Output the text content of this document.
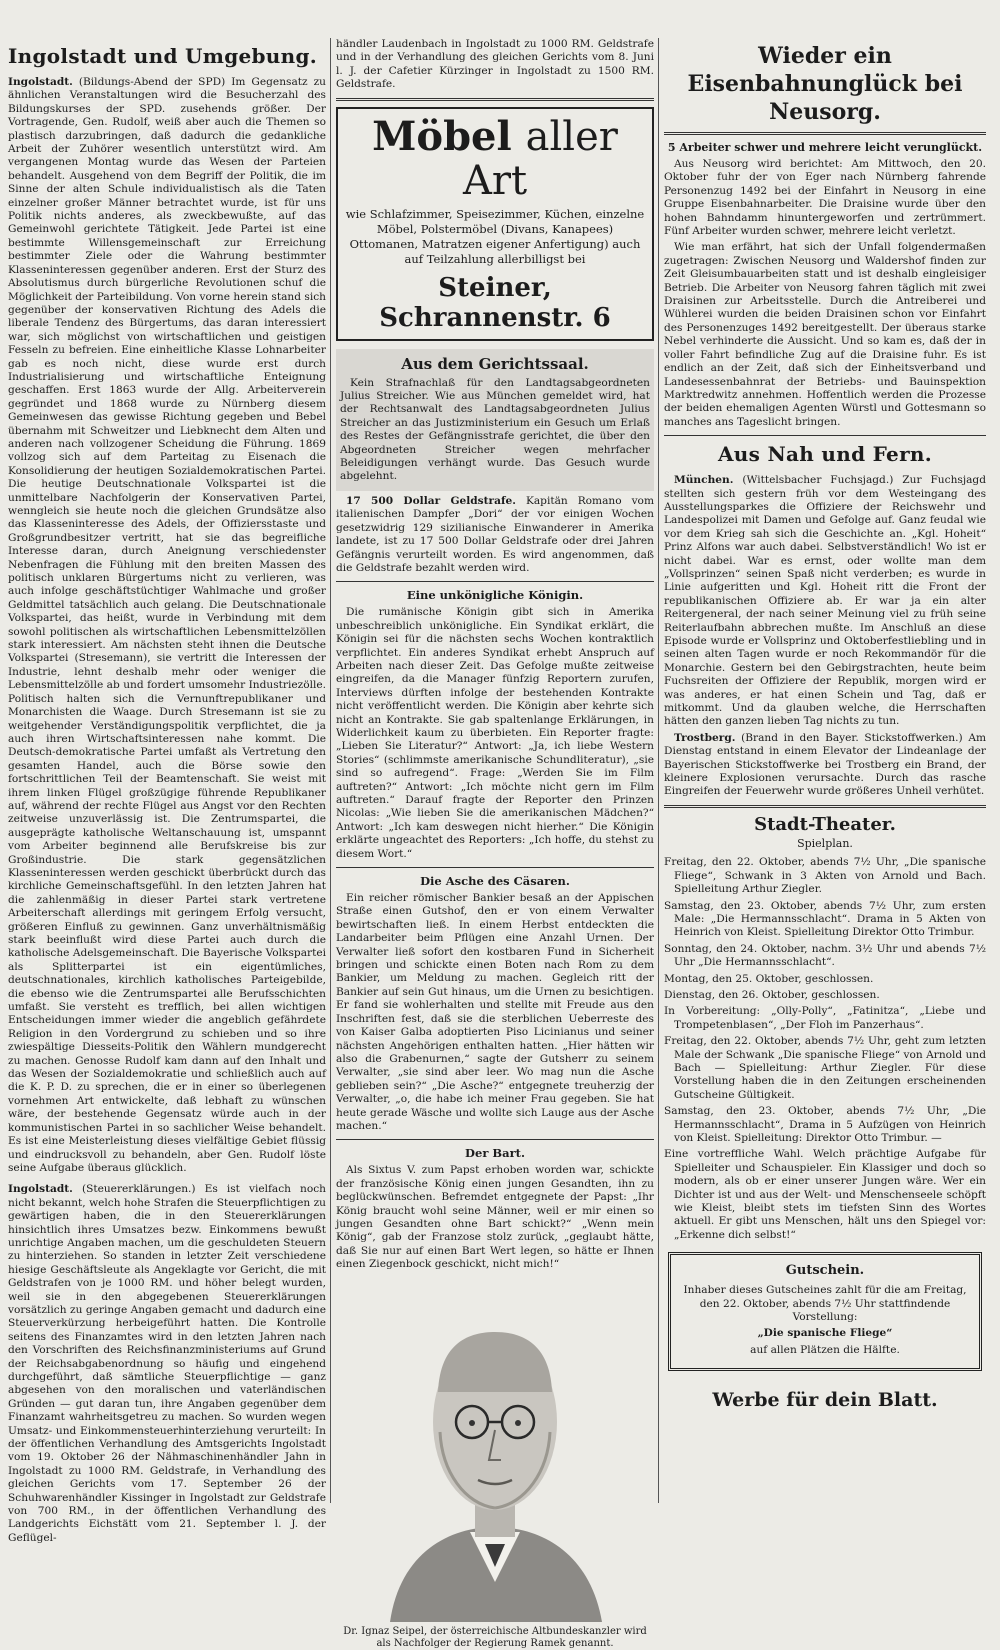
Ingolstadt und Umgebung.

Ingolstadt. (Bildungs-Abend der SPD) Im Gegensatz zu ähnlichen Veranstaltungen wird die Besucherzahl des Bildungskurses der SPD. zusehends größer. Der Vortragende, Gen. Rudolf, weiß aber auch die Themen so plastisch darzubringen, daß dadurch die gedankliche Arbeit der Zuhörer wesentlich unterstützt wird. Am vergangenen Montag wurde das Wesen der Parteien behandelt. Ausgehend von dem Begriff der Politik, die im Sinne der alten Schule individualistisch als die Taten einzelner großer Männer betrachtet wurde, ist für uns Politik nichts anderes, als zweckbewußte, auf das Gemeinwohl gerichtete Tätigkeit. Jede Partei ist eine bestimmte Willensgemeinschaft zur Erreichung bestimmter Ziele oder die Wahrung bestimmter Klasseninteressen gegenüber anderen. Erst der Sturz des Absolutismus durch bürgerliche Revolutionen schuf die Möglichkeit der Parteibildung. Von vorne herein stand sich gegenüber der konservativen Richtung des Adels die liberale Tendenz des Bürgertums, das daran interessiert war, sich möglichst von wirtschaftlichen und geistigen Fesseln zu befreien. Eine einheitliche Klasse Lohnarbeiter gab es noch nicht, diese wurde erst durch Industrialisierung und wirtschaftliche Enteignung geschaffen. Erst 1863 wurde der Allg. Arbeiterverein gegründet und 1868 wurde zu Nürnberg diesem Gemeinwesen das gewisse Richtung gegeben und Bebel übernahm mit Schweitzer und Liebknecht dem Alten und anderen nach vollzogener Scheidung die Führung. 1869 vollzog sich auf dem Parteitag zu Eisenach die Konsolidierung der heutigen Sozialdemokratischen Partei. Die heutige Deutschnationale Volkspartei ist die unmittelbare Nachfolgerin der Konservativen Partei, wenngleich sie heute noch die gleichen Grundsätze also das Klasseninteresse des Adels, der Offiziersstaste und Großgrundbesitzer vertritt, hat sie das begreifliche Interesse daran, durch Aneignung verschiedenster Nebenfragen die Fühlung mit den breiten Massen des politisch unklaren Bürgertums nicht zu verlieren, was auch infolge geschäftstüchtiger Wahlmache und großer Geldmittel tatsächlich auch gelang. Die Deutschnationale Volkspartei, das heißt, wurde in Verbindung mit dem sowohl politischen als wirtschaftlichen Lebensmittelzöllen stark interessiert. Am nächsten steht ihnen die Deutsche Volkspartei (Stresemann), sie vertritt die Interessen der Industrie, lehnt deshalb mehr oder weniger die Lebensmittelzölle ab und fordert umsomehr Industriezölle. Politisch halten sich die Vernunftrepublikaner und Monarchisten die Waage. Durch Stresemann ist sie zu weitgehender Verständigungspolitik verpflichtet, die ja auch ihren Wirtschaftsinteressen nahe kommt. Die Deutsch-demokratische Partei umfaßt als Vertretung den gesamten Handel, auch die Börse sowie den fortschrittlichen Teil der Beamtenschaft. Sie weist mit ihrem linken Flügel großzügige führende Republikaner auf, während der rechte Flügel aus Angst vor den Rechten zeitweise unzuverlässig ist. Die Zentrumspartei, die ausgeprägte katholische Weltanschauung ist, umspannt vom Arbeiter beginnend alle Berufskreise bis zur Großindustrie. Die stark gegensätzlichen Klasseninteressen werden geschickt überbrückt durch das kirchliche Gemeinschaftsgefühl. In den letzten Jahren hat die zahlenmäßig in dieser Partei stark vertretene Arbeiterschaft allerdings mit geringem Erfolg versucht, größeren Einfluß zu gewinnen. Ganz unverhältnismäßig stark beeinflußt wird diese Partei auch durch die katholische Adelsgemeinschaft. Die Bayerische Volkspartei als Splitterpartei ist ein eigentümliches, deutschnationales, kirchlich katholisches Parteigebilde, die ebenso wie die Zentrumspartei alle Berufsschichten umfaßt. Sie versteht es trefflich, bei allen wichtigen Entscheidungen immer wieder die angeblich gefährdete Religion in den Vordergrund zu schieben und so ihre zwiespältige Diesseits-Politik den Wählern mundgerecht zu machen. Genosse Rudolf kam dann auf den Inhalt und das Wesen der Sozialdemokratie und schließlich auch auf die K. P. D. zu sprechen, die er in einer so überlegenen vornehmen Art entwickelte, daß lebhaft zu wünschen wäre, der bestehende Gegensatz würde auch in der kommunistischen Partei in so sachlicher Weise behandelt. Es ist eine Meisterleistung dieses vielfältige Gebiet flüssig und eindrucksvoll zu behandeln, aber Gen. Rudolf löste seine Aufgabe überaus glücklich.

Ingolstadt. (Steuererklärungen.) Es ist vielfach noch nicht bekannt, welch hohe Strafen die Steuerpflichtigen zu gewärtigen haben, die in den Steuererklärungen hinsichtlich ihres Umsatzes bezw. Einkommens bewußt unrichtige Angaben machen, um die geschuldeten Steuern zu hinterziehen. So standen in letzter Zeit verschiedene hiesige Geschäftsleute als Angeklagte vor Gericht, die mit Geldstrafen von je 1000 RM. und höher belegt wurden, weil sie in den abgegebenen Steuererklärungen vorsätzlich zu geringe Angaben gemacht und dadurch eine Steuerverkürzung herbeigeführt hatten. Die Kontrolle seitens des Finanzamtes wird in den letzten Jahren nach den Vorschriften des Reichsfinanzministeriums auf Grund der Reichsabgabenordnung so häufig und eingehend durchgeführt, daß sämtliche Steuerpflichtige — ganz abgesehen von den moralischen und vaterländischen Gründen — gut daran tun, ihre Angaben gegenüber dem Finanzamt wahrheitsgetreu zu machen. So wurden wegen Umsatz- und Einkommensteuerhinterziehung verurteilt: In der öffentlichen Verhandlung des Amtsgerichts Ingolstadt vom 19. Oktober 26 der Nähmaschinenhändler Jahn in Ingolstadt zu 1000 RM. Geldstrafe, in Verhandlung des gleichen Gerichts vom 17. September 26 der Schuhwarenhändler Kissinger in Ingolstadt zur Geldstrafe von 700 RM., in der öffentlichen Verhandlung des Landgerichts Eichstätt vom 21. September l. J. der Geflügel-

händler Laudenbach in Ingolstadt zu 1000 RM. Geldstrafe und in der Verhandlung des gleichen Gerichts vom 8. Juni l. J. der Cafetier Kürzinger in Ingolstadt zu 1500 RM. Geldstrafe.

Möbel aller Art

wie Schlafzimmer, Speisezimmer, Küchen, einzelne Möbel, Polstermöbel (Divans, Kanapees) Ottomanen, Matratzen eigener Anfertigung) auch auf Teilzahlung allerbilligst bei

Steiner, Schrannenstr. 6
Aus dem Gerichtssaal.

Kein Strafnachlaß für den Landtagsabgeordneten Julius Streicher. Wie aus München gemeldet wird, hat der Rechtsanwalt des Landtagsabgeordneten Julius Streicher an das Justizministerium ein Gesuch um Erlaß des Restes der Gefängnisstrafe gerichtet, die über den Abgeordneten Streicher wegen mehrfacher Beleidigungen verhängt wurde. Das Gesuch wurde abgelehnt.

17 500 Dollar Geldstrafe. Kapitän Romano vom italienischen Dampfer „Dori“ der vor einigen Wochen gesetzwidrig 129 sizilianische Einwanderer in Amerika landete, ist zu 17 500 Dollar Geldstrafe oder drei Jahren Gefängnis verurteilt worden. Es wird angenommen, daß die Geldstrafe bezahlt werden wird.

Eine unkönigliche Königin.

Die rumänische Königin gibt sich in Amerika unbeschreiblich unkönigliche. Ein Syndikat erklärt, die Königin sei für die nächsten sechs Wochen kontraktlich verpflichtet. Ein anderes Syndikat erhebt Anspruch auf Arbeiten nach dieser Zeit. Das Gefolge mußte zeitweise eingreifen, da die Manager fünfzig Reportern zurufen, Interviews dürften infolge der bestehenden Kontrakte nicht veröffentlicht werden. Die Königin aber kehrte sich nicht an Kontrakte. Sie gab spaltenlange Erklärungen, in Widerlichkeit kaum zu überbieten. Ein Reporter fragte: „Lieben Sie Literatur?“ Antwort: „Ja, ich liebe Western Stories“ (schlimmste amerikanische Schundliteratur), „sie sind so aufregend“. Frage: „Werden Sie im Film auftreten?“ Antwort: „Ich möchte nicht gern im Film auftreten.“ Darauf fragte der Reporter den Prinzen Nicolas: „Wie lieben Sie die amerikanischen Mädchen?“ Antwort: „Ich kam deswegen nicht hierher.“ Die Königin erklärte ungeachtet des Reporters: „Ich hoffe, du stehst zu diesem Wort.“

Die Asche des Cäsaren.

Ein reicher römischer Bankier besaß an der Appischen Straße einen Gutshof, den er von einem Verwalter bewirtschaften ließ. In einem Herbst entdeckten die Landarbeiter beim Pflügen eine Anzahl Urnen. Der Verwalter ließ sofort den kostbaren Fund in Sicherheit bringen und schickte einen Boten nach Rom zu dem Bankier, um Meldung zu machen. Gegleich ritt der Bankier auf sein Gut hinaus, um die Urnen zu besichtigen. Er fand sie wohlerhalten und stellte mit Freude aus den Inschriften fest, daß sie die sterblichen Ueberreste des von Kaiser Galba adoptierten Piso Licinianus und seiner nächsten Angehörigen enthalten hatten. „Hier hätten wir also die Grabenurnen,“ sagte der Gutsherr zu seinem Verwalter, „sie sind aber leer. Wo mag nun die Asche geblieben sein?“ „Die Asche?“ entgegnete treuherzig der Verwalter, „o, die habe ich meiner Frau gegeben. Sie hat heute gerade Wäsche und wollte sich Lauge aus der Asche machen.“

Der Bart.

Als Sixtus V. zum Papst erhoben worden war, schickte der französische König einen jungen Gesandten, ihn zu beglückwünschen. Befremdet entgegnete der Papst: „Ihr König braucht wohl seine Männer, weil er mir einen so jungen Gesandten ohne Bart schickt?“ „Wenn mein König“, gab der Franzose stolz zurück, „geglaubt hätte, daß Sie nur auf einen Bart Wert legen, so hätte er Ihnen einen Ziegenbock geschickt, nicht mich!“

Dr. Ignaz Seipel, der österreichische Altbundeskanzler wird als Nachfolger der Regierung Ramek genannt.

Wieder ein Eisenbahnunglück bei Neusorg.
5 Arbeiter schwer und mehrere leicht verunglückt.

Aus Neusorg wird berichtet: Am Mittwoch, den 20. Oktober fuhr der von Eger nach Nürnberg fahrende Personenzug 1492 bei der Einfahrt in Neusorg in eine Gruppe Eisenbahnarbeiter. Die Draisine wurde über den hohen Bahndamm hinuntergeworfen und zertrümmert. Fünf Arbeiter wurden schwer, mehrere leicht verletzt.

Wie man erfährt, hat sich der Unfall folgendermaßen zugetragen: Zwischen Neusorg und Waldershof finden zur Zeit Gleisumbauarbeiten statt und ist deshalb eingleisiger Betrieb. Die Arbeiter von Neusorg fahren täglich mit zwei Draisinen zur Arbeitsstelle. Durch die Antreiberei und Wühlerei wurden die beiden Draisinen schon vor Einfahrt des Personenzuges 1492 bereitgestellt. Der überaus starke Nebel verhinderte die Aussicht. Und so kam es, daß der in voller Fahrt befindliche Zug auf die Draisine fuhr. Es ist endlich an der Zeit, daß sich der Einheitsverband und Landesessenbahnrat der Betriebs- und Bauinspektion Marktredwitz annehmen. Hoffentlich werden die Prozesse der beiden ehemaligen Agenten Würstl und Gottesmann so manches ans Tageslicht bringen.

Aus Nah und Fern.

München. (Wittelsbacher Fuchsjagd.) Zur Fuchsjagd stellten sich gestern früh vor dem Westeingang des Ausstellungsparkes die Offiziere der Reichswehr und Landespolizei mit Damen und Gefolge auf. Ganz feudal wie vor dem Krieg sah sich die Geschichte an. „Kgl. Hoheit“ Prinz Alfons war auch dabei. Selbstverständlich! Wo ist er nicht dabei. War es ernst, oder wollte man dem „Vollsprinzen“ seinen Spaß nicht verderben; es wurde in Linie aufgeritten und Kgl. Hoheit ritt die Front der republikanischen Offiziere ab. Er war ja ein alter Reitergeneral, der nach seiner Meinung viel zu früh seine Reiterlaufbahn abbrechen mußte. Im Anschluß an diese Episode wurde er Vollsprinz und Oktoberfestliebling und in seinen alten Tagen wurde er noch Rekommandör für die Monarchie. Gestern bei den Gebirgstrachten, heute beim Fuchsreiten der Offiziere der Republik, morgen wird er was anderes, er hat einen Schein und Tag, daß er mitkommt. Und da glauben welche, die Herrschaften hätten den ganzen lieben Tag nichts zu tun.

Trostberg. (Brand in den Bayer. Stickstoffwerken.) Am Dienstag entstand in einem Elevator der Lindeanlage der Bayerischen Stickstoffwerke bei Trostberg ein Brand, der kleinere Explosionen verursachte. Durch das rasche Eingreifen der Feuerwehr wurde größeres Unheil verhütet.

Stadt-Theater.

Spielplan.

Freitag, den 22. Oktober, abends 7½ Uhr, „Die spanische Fliege“, Schwank in 3 Akten von Arnold und Bach. Spielleitung Arthur Ziegler.

Samstag, den 23. Oktober, abends 7½ Uhr, zum ersten Male: „Die Hermannsschlacht“. Drama in 5 Akten von Heinrich von Kleist. Spielleitung Direktor Otto Trimbur.

Sonntag, den 24. Oktober, nachm. 3½ Uhr und abends 7½ Uhr „Die Hermannsschlacht“.

Montag, den 25. Oktober, geschlossen.

Dienstag, den 26. Oktober, geschlossen.

In Vorbereitung: „Olly-Polly“, „Fatinitza“, „Liebe und Trompetenblasen“, „Der Floh im Panzerhaus“.

Freitag, den 22. Oktober, abends 7½ Uhr, geht zum letzten Male der Schwank „Die spanische Fliege“ von Arnold und Bach — Spielleitung: Arthur Ziegler. Für diese Vorstellung haben die in den Zeitungen erscheinenden Gutscheine Gültigkeit.

Samstag, den 23. Oktober, abends 7½ Uhr, „Die Hermannsschlacht“, Drama in 5 Aufzügen von Heinrich von Kleist. Spielleitung: Direktor Otto Trimbur. —

Eine vortreffliche Wahl. Welch prächtige Aufgabe für Spielleiter und Schauspieler. Ein Klassiger und doch so modern, als ob er einer unserer Jungen wäre. Wer ein Dichter ist und aus der Welt- und Menschenseele schöpft wie Kleist, bleibt stets im tiefsten Sinn des Wortes aktuell. Er gibt uns Menschen, hält uns den Spiegel vor: „Erkenne dich selbst!“

Gutschein.

Inhaber dieses Gutscheines zahlt für die am Freitag, den 22. Oktober, abends 7½ Uhr stattfindende Vorstellung:

„Die spanische Fliege“

auf allen Plätzen die Hälfte.

Werbe für dein Blatt.
